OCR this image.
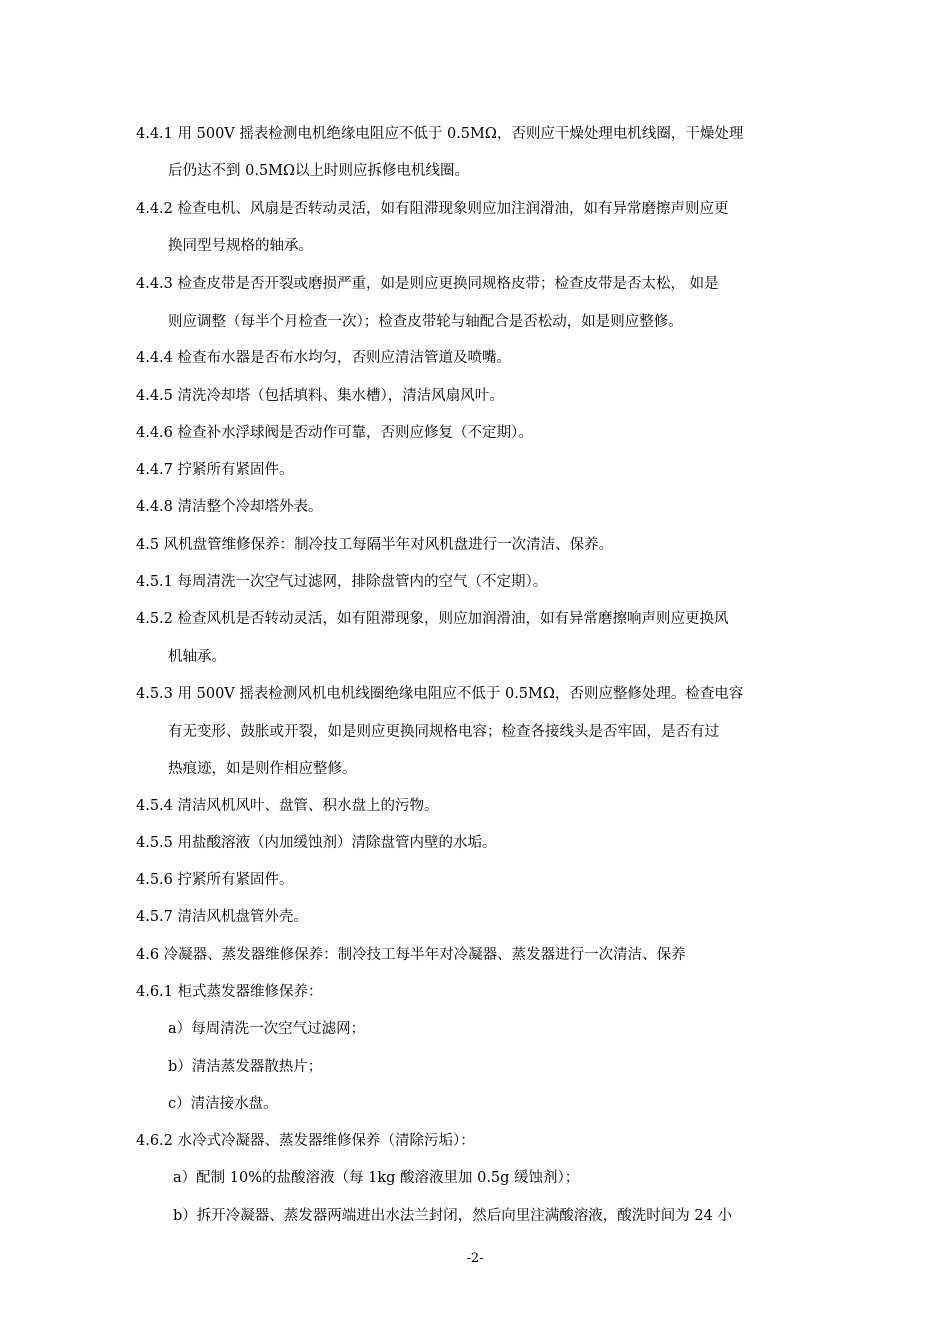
4.4.1 用 500V 摇表检测电机绝缘电阻应不低于 0.5MΩ，否则应干燥处理电机线圈，干燥处理
后仍达不到 0.5MΩ以上时则应拆修电机线圈。
4.4.2 检查电机、风扇是否转动灵活，如有阻滞现象则应加注润滑油，如有异常磨擦声则应更
换同型号规格的轴承。
4.4.3 检查皮带是否开裂或磨损严重，如是则应更换同规格皮带；检查皮带是否太松， 如是
则应调整（每半个月检查一次）；检查皮带轮与轴配合是否松动，如是则应整修。
4.4.4 检查布水器是否布水均匀，否则应清洁管道及喷嘴。
4.4.5 清洗冷却塔（包括填料、集水槽），清洁风扇风叶。
4.4.6 检查补水浮球阀是否动作可靠，否则应修复（不定期）。
4.4.7 拧紧所有紧固件。
4.4.8 清洁整个冷却塔外表。
4.5 风机盘管维修保养：制冷技工每隔半年对风机盘进行一次清洁、保养。
4.5.1 每周清洗一次空气过滤网，排除盘管内的空气（不定期）。
4.5.2 检查风机是否转动灵活，如有阻滞现象，则应加润滑油，如有异常磨擦响声则应更换风
机轴承。
4.5.3 用 500V 摇表检测风机电机线圈绝缘电阻应不低于 0.5MΩ，否则应整修处理。检查电容
有无变形、鼓胀或开裂，如是则应更换同规格电容；检查各接线头是否牢固，是否有过
热痕迹，如是则作相应整修。
4.5.4 清洁风机风叶、盘管、积水盘上的污物。
4.5.5 用盐酸溶液（内加缓蚀剂）清除盘管内壁的水垢。
4.5.6 拧紧所有紧固件。
4.5.7 清洁风机盘管外壳。
4.6 冷凝器、蒸发器维修保养：制冷技工每半年对冷凝器、蒸发器进行一次清洁、保养
4.6.1 柜式蒸发器维修保养：
a）每周清洗一次空气过滤网；
b）清洁蒸发器散热片；
c）清洁接水盘。
4.6.2 水冷式冷凝器、蒸发器维修保养（清除污垢）：
a）配制 10%的盐酸溶液（每 1kg 酸溶液里加 0.5g 缓蚀剂）；
b）拆开冷凝器、蒸发器两端进出水法兰封闭，然后向里注满酸溶液，酸洗时间为 24 小
-2-
